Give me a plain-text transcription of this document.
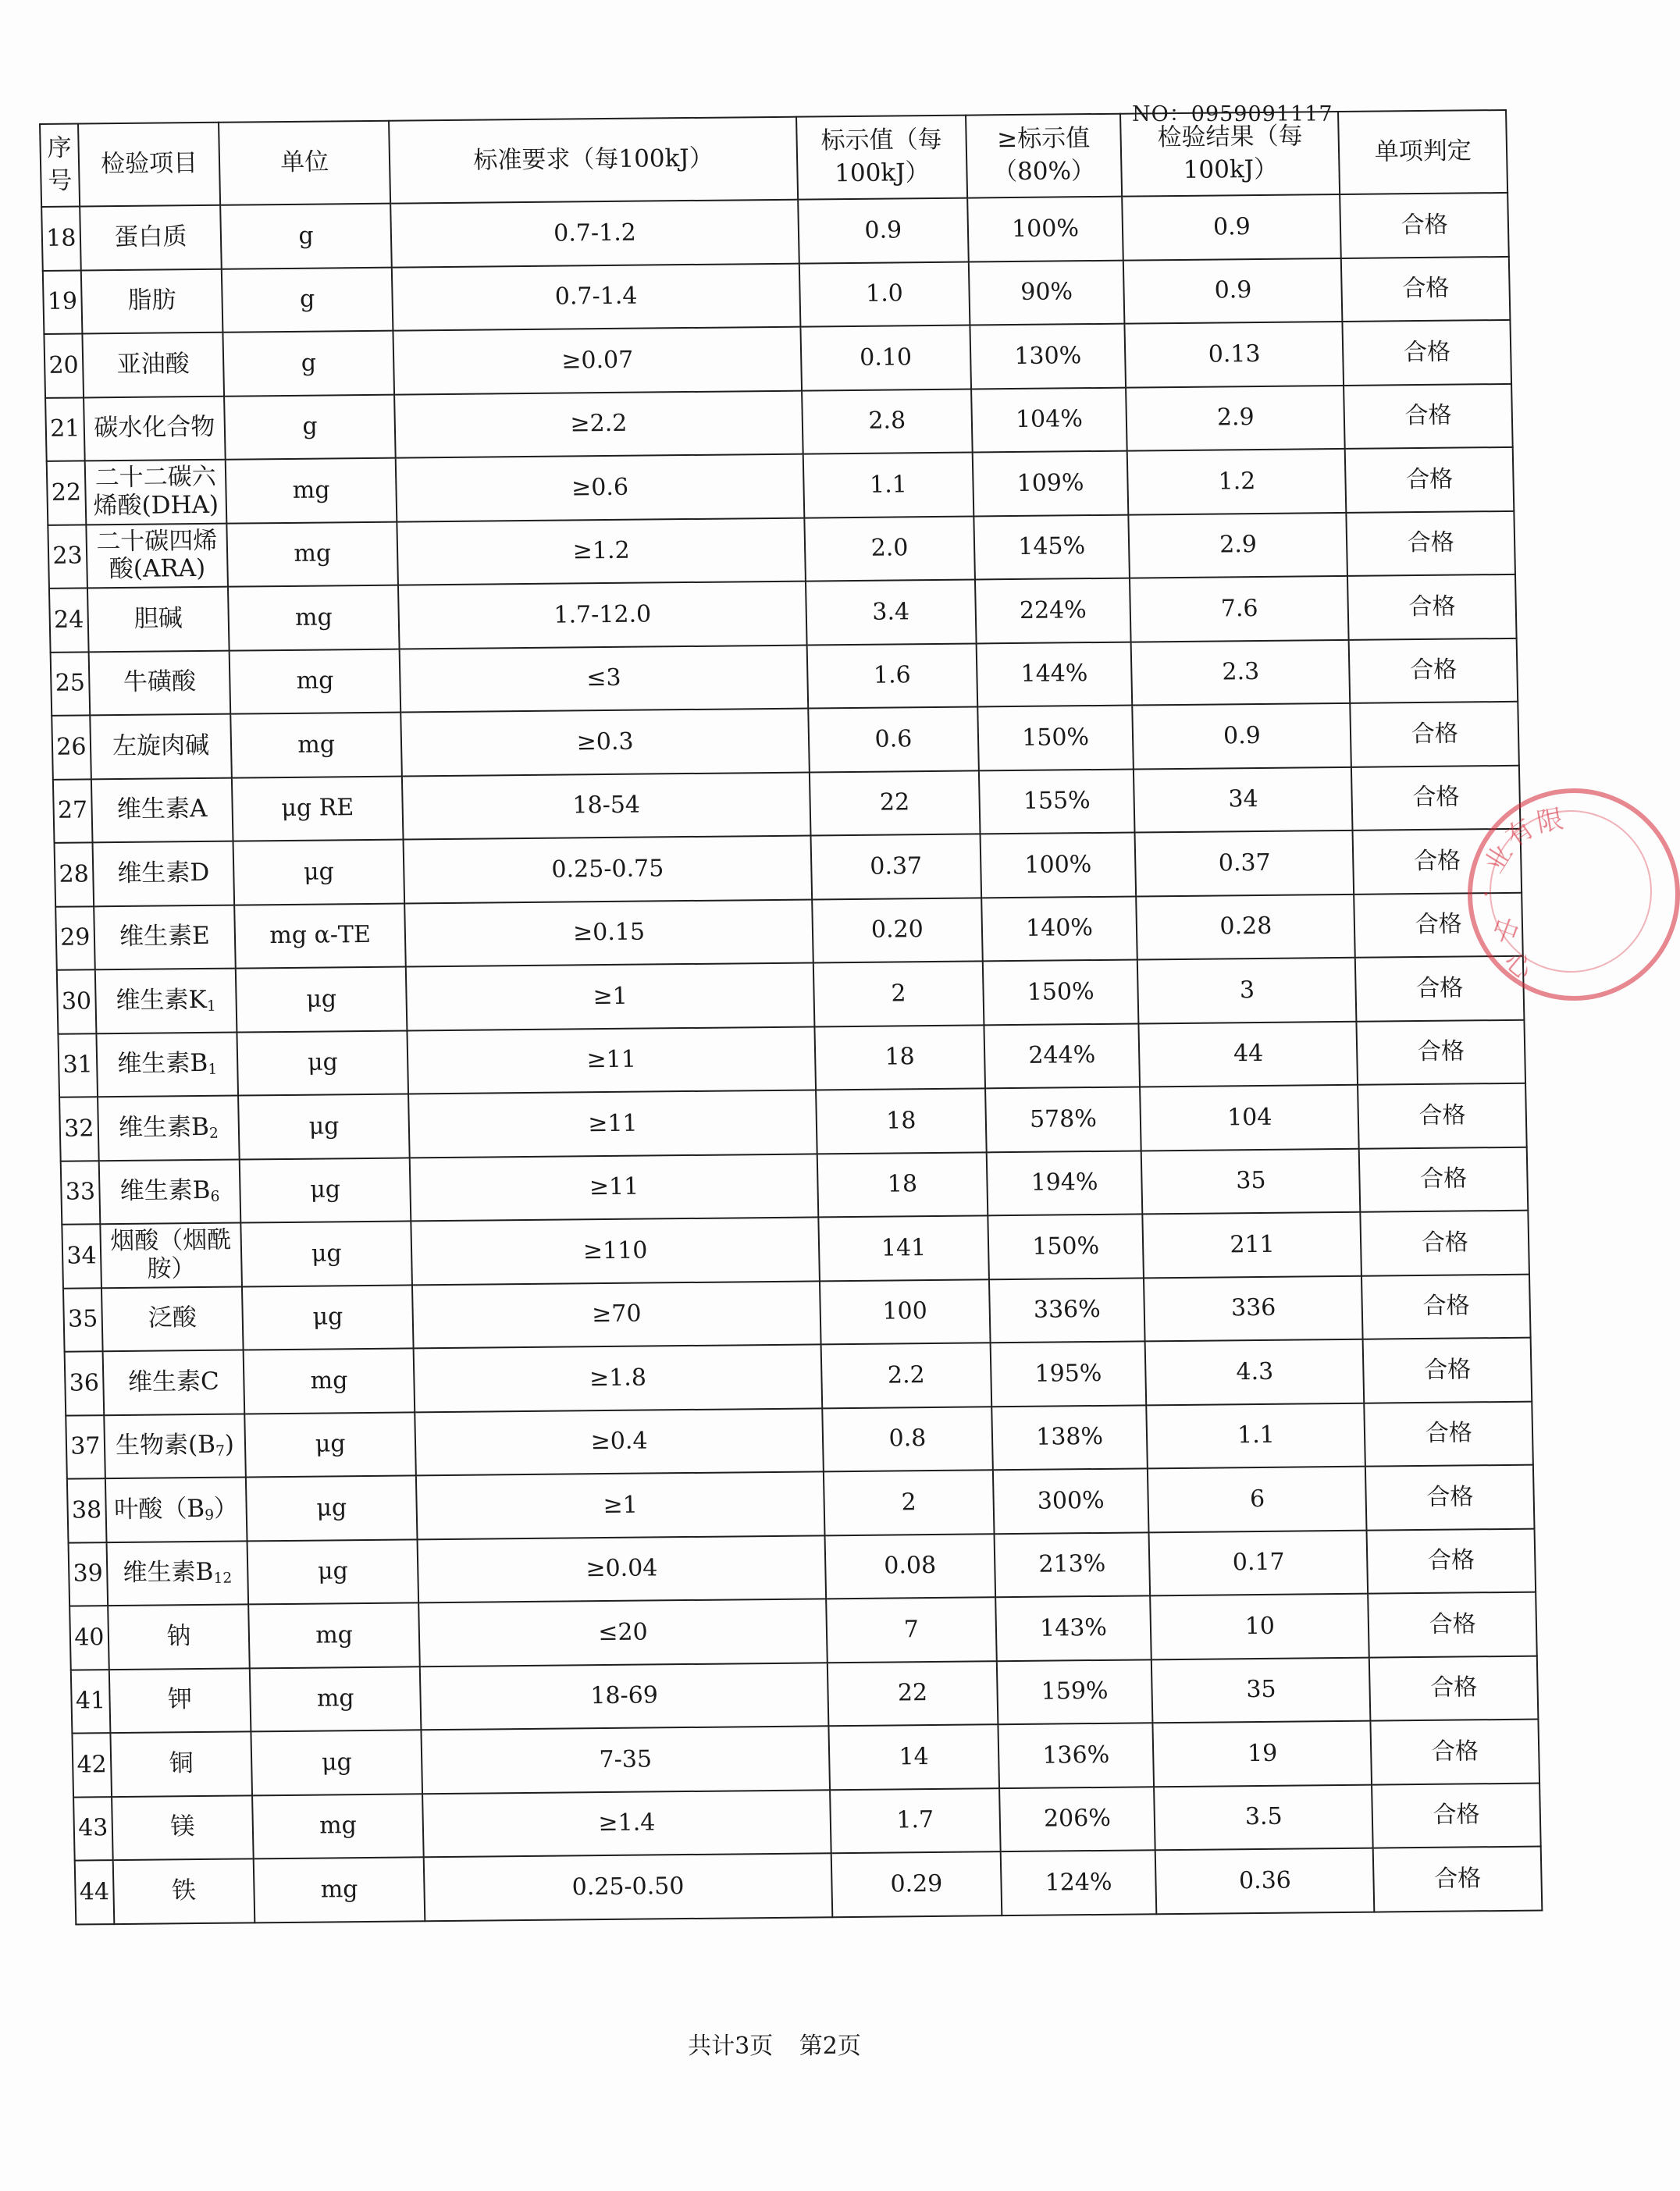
NO：0959091117
序号	检验项目	单位	标准要求（每100kJ）	标示值（每100kJ）	≥标示值（80%）	检验结果（每100kJ）	单项判定
18	蛋白质	g	0.7-1.2	0.9	100%	0.9	合格
19	脂肪	g	0.7-1.4	1.0	90%	0.9	合格
20	亚油酸	g	≥0.07	0.10	130%	0.13	合格
21	碳水化合物	g	≥2.2	2.8	104%	2.9	合格
22	二十二碳六烯酸(DHA)	mg	≥0.6	1.1	109%	1.2	合格
23	二十碳四烯酸(ARA)	mg	≥1.2	2.0	145%	2.9	合格
24	胆碱	mg	1.7-12.0	3.4	224%	7.6	合格
25	牛磺酸	mg	≤3	1.6	144%	2.3	合格
26	左旋肉碱	mg	≥0.3	0.6	150%	0.9	合格
27	维生素A	μg RE	18-54	22	155%	34	合格
28	维生素D	μg	0.25-0.75	0.37	100%	0.37	合格
29	维生素E	mg α-TE	≥0.15	0.20	140%	0.28	合格
30	维生素$K_1$	μg	≥1	2	150%	3	合格
31	维生素$B_1$	μg	≥11	18	244%	44	合格
32	维生素$B_2$	μg	≥11	18	578%	104	合格
33	维生素$B_6$	μg	≥11	18	194%	35	合格
34	烟酸（烟酰胺）	μg	≥110	141	150%	211	合格
35	泛酸	μg	≥70	100	336%	336	合格
36	维生素C	mg	≥1.8	2.2	195%	4.3	合格
37	生物素$(B_7)$	μg	≥0.4	0.8	138%	1.1	合格
38	叶酸$(B_9)$	μg	≥1	2	300%	6	合格
39	维生素$B_{12}$	μg	≥0.04	0.08	213%	0.17	合格
40	钠	mg	≤20	7	143%	10	合格
41	钾	mg	18-69	22	159%	35	合格
42	铜	μg	7-35	14	136%	19	合格
43	镁	mg	≥1.4	1.7	206%	3.5	合格
44	铁	mg	0.25-0.50	0.29	124%	0.36	合格
业
有
限
中
·
心
共计3页 第2页
